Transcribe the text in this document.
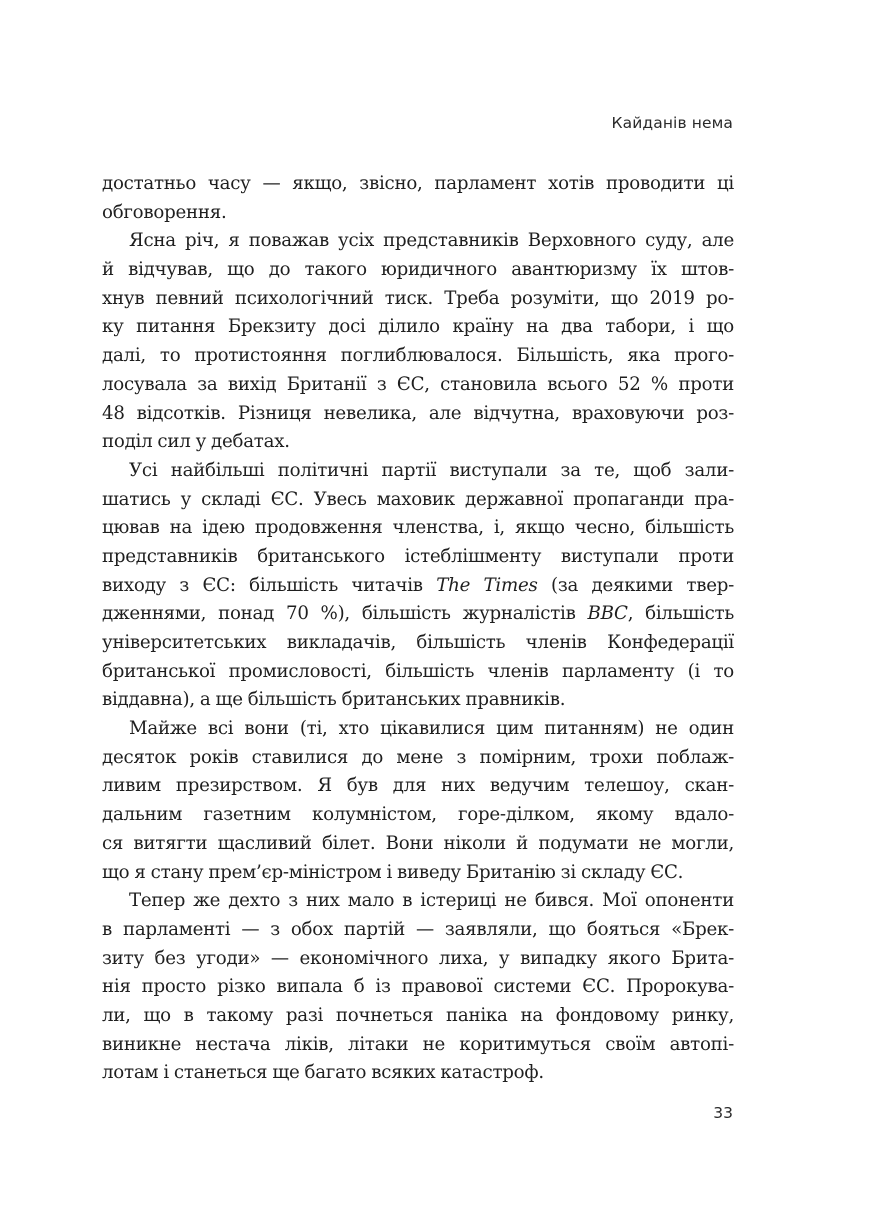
Кайданів нема
достатньо часу — якщо, звісно, парламент хотів проводити ці
обговорення.
Ясна річ, я поважав усіх представників Верховного суду, але
й відчував, що до такого юридичного авантюризму їх штов-
хнув певний психологічний тиск. Треба розуміти, що 2019 ро-
ку питання Брекзиту досі ділило країну на два табори, і що
далі, то протистояння поглиблювалося. Більшість, яка прого-
лосувала за вихід Британії з ЄС, становила всього 52 % проти
48 відсотків. Різниця невелика, але відчутна, враховуючи роз-
поділ сил у дебатах.
Усі найбільші політичні партії виступали за те, щоб зали-
шатись у складі ЄС. Увесь маховик державної пропаганди пра-
цював на ідею продовження членства, і, якщо чесно, більшість
представників британського істеблішменту виступали проти
виходу з ЄС: більшість читачів The Times (за деякими твер-
дженнями, понад 70 %), більшість журналістів BBC, більшість
університетських викладачів, більшість членів Конфедерації
британської промисловості, більшість членів парламенту (і то
віддавна), а ще більшість британських правників.
Майже всі вони (ті, хто цікавилися цим питанням) не один
десяток років ставилися до мене з помірним, трохи поблаж-
ливим презирством. Я був для них ведучим телешоу, скан-
дальним газетним колумністом, горе-ділком, якому вдало-
ся витягти щасливий білет. Вони ніколи й подумати не могли,
що я стану прем’єр-міністром і виведу Британію зі складу ЄС.
Тепер же дехто з них мало в істериці не бився. Мої опоненти
в парламенті — з обох партій — заявляли, що бояться «Брек-
зиту без угоди» — економічного лиха, у випадку якого Брита-
нія просто різко випала б із правової системи ЄС. Пророкува-
ли, що в такому разі почнеться паніка на фондовому ринку,
виникне нестача ліків, літаки не коритимуться своїм автопі-
лотам і станеться ще багато всяких катастроф.
33
